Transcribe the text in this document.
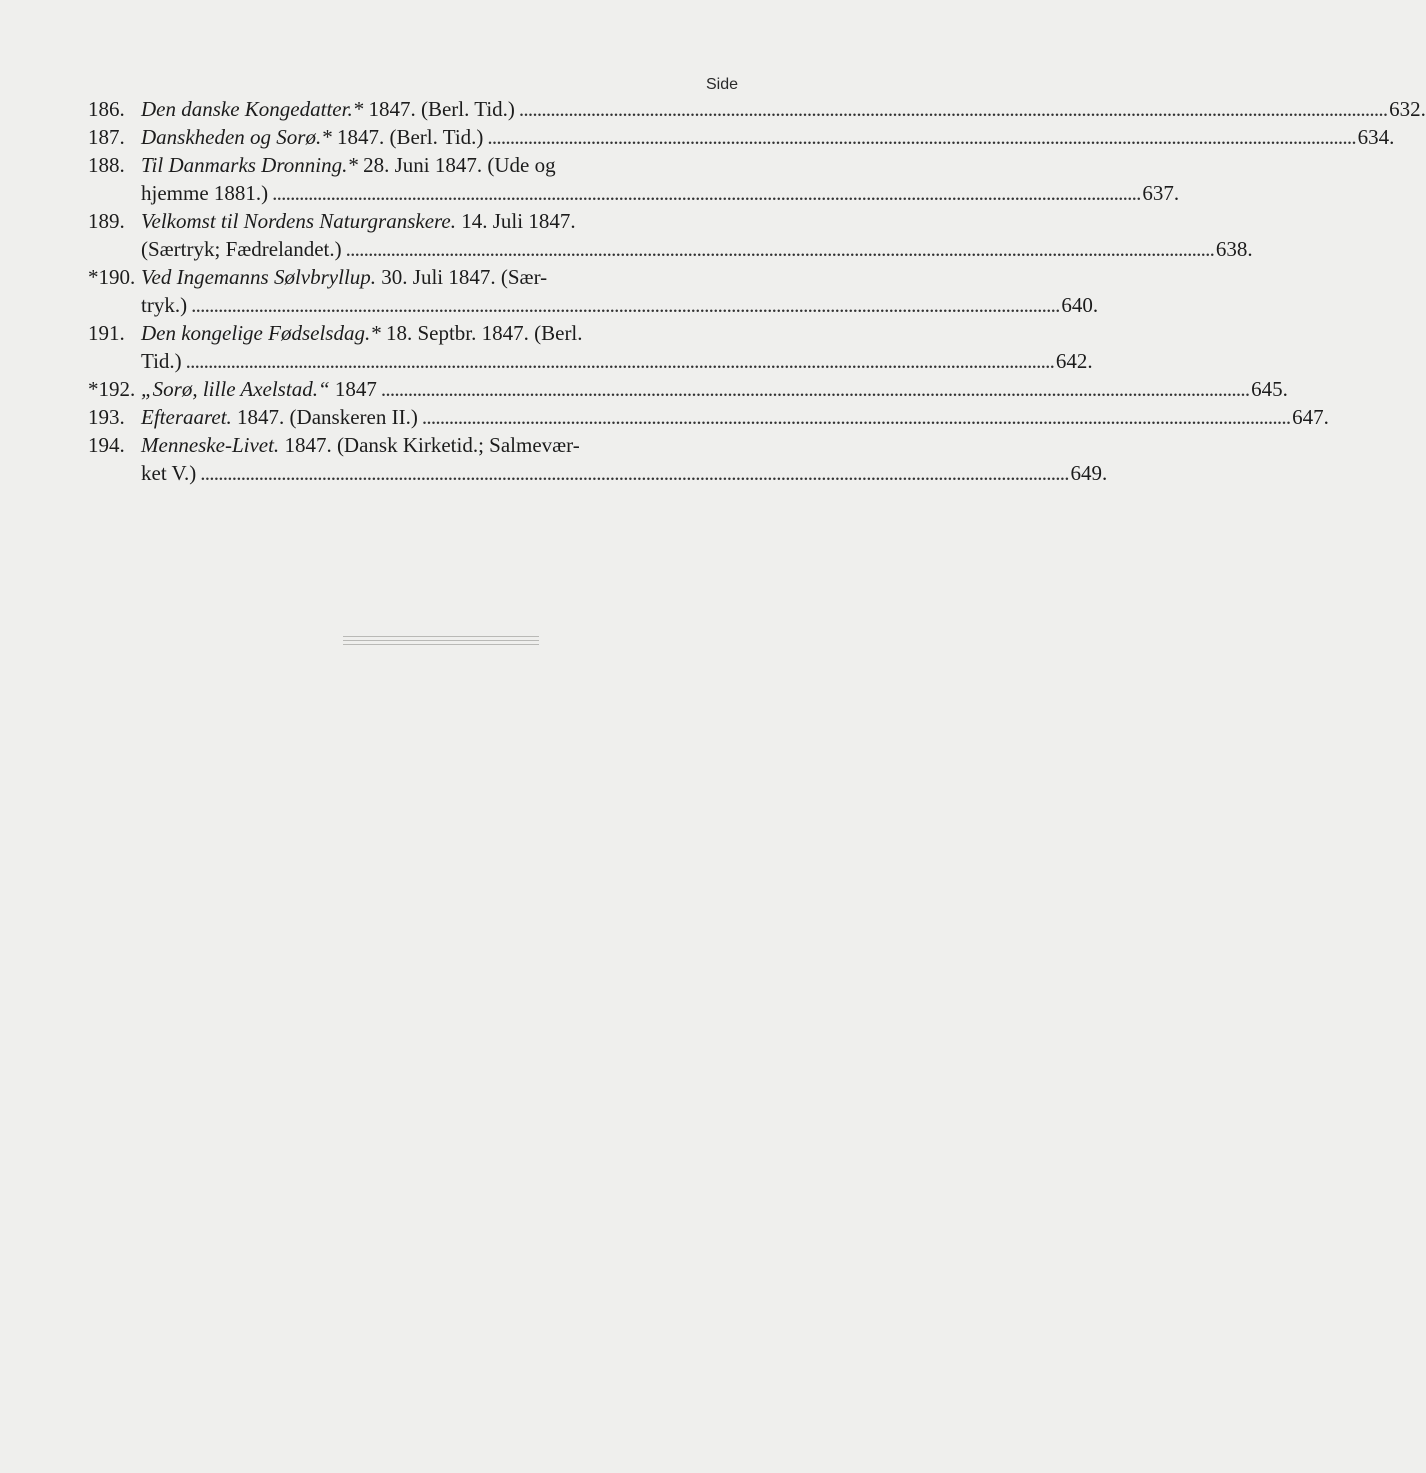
Side
186. Den danske Kongedatter.* 1847. (Berl. Tid.) . . .	632.
187. Danskheden og Sorø.* 1847. (Berl. Tid.) . . .	634.
188. Til Danmarks Dronning.* 28. Juni 1847. (Ude og
hjemme 1881.) . . .	637.
189. Velkomst til Nordens Naturgranskere. 14. Juli 1847.
(Særtryk; Fædrelandet.) . . .	638.
*190. Ved Ingemanns Sølvbryllup. 30. Juli 1847. (Sær-
tryk.) . . .	640.
191. Den kongelige Fødselsdag.* 18. Septbr. 1847. (Berl.
Tid.) . . .	642.
*192. „Sorø, lille Axelstad.“ 1847 . . .	645.
193. Efteraaret. 1847. (Danskeren II.) . . .	647.
194. Menneske-Livet. 1847. (Dansk Kirketid.; Salmevær-
ket V.) . . .	649.
